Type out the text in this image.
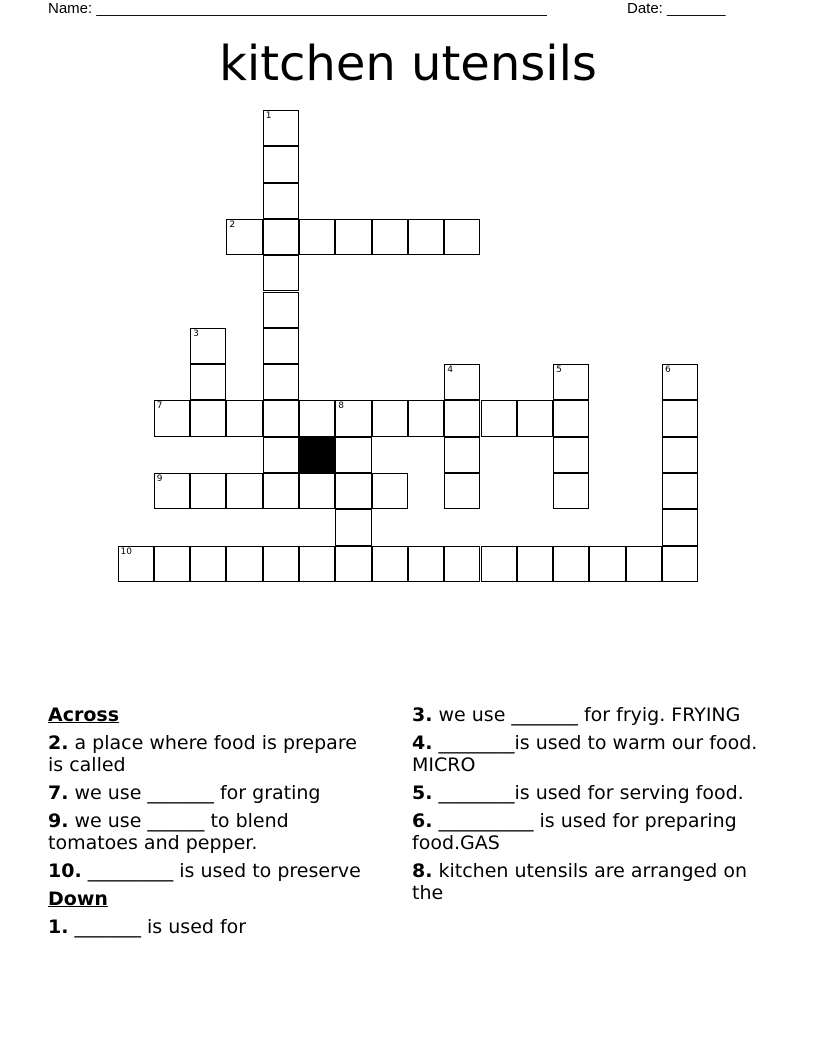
Name: ______________________________________________________	Date: _______
kitchen utensils
1
2
3
4	5	6
7	8
9
10
Across
2. a place where food is prepare is called
7. we use _______ for grating
9. we use ______ to blend tomatoes and pepper.
10. _________ is used to preserve
Down
1. _______ is used for
3. we use _______ for fryig. FRYING
4. ________is used to warm our food. MICRO
5. ________is used for serving food.
6. __________ is used for preparing food.GAS
8. kitchen utensils are arranged on the
